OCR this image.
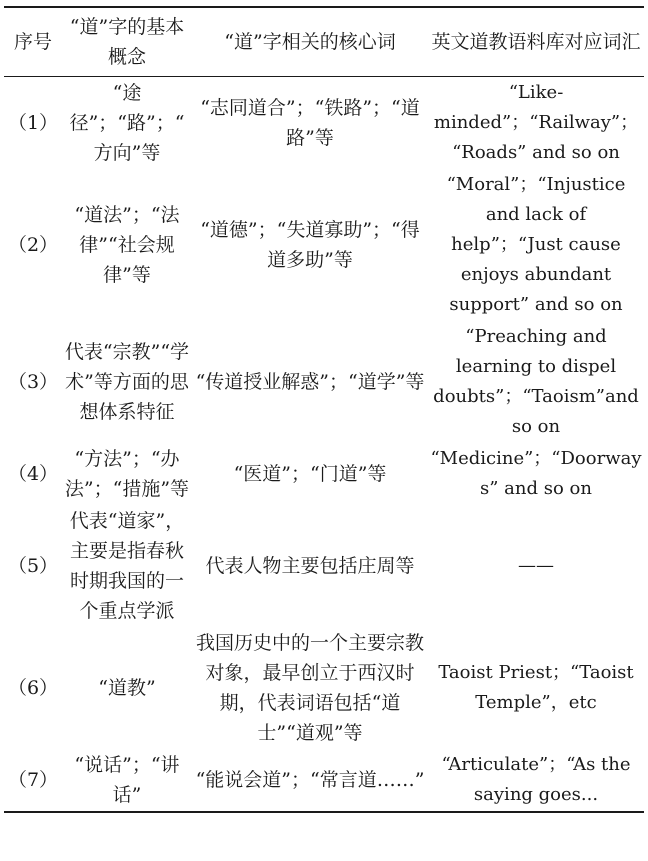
序号	“道”字的基本概念	“道”字相关的核心词	英文道教语料库对应词汇
（1）	“途径”；“路”；“方向”等	“志同道合”；“铁路”；“道路”等	“Like-minded”；“Railway”；“Roads” and so on
（2）	“道法”；“法律”“社会规律”等	“道德”；“失道寡助”；“得道多助”等	“Moral”；“Injustice and lack of help”；“Just cause enjoys abundant support” and so on
（3）	代表“宗教”“学术”等方面的思想体系特征	“传道授业解惑”；“道学”等	“Preaching and learning to dispel doubts”；“Taoism”and so on
（4）	“方法”；“办法”；“措施”等	“医道”；“门道”等	“Medicine”；“Doorways” and so on
（5）	代表“道家”，主要是指春秋时期我国的一个重点学派	代表人物主要包括庄周等	——
（6）	“道教”	我国历史中的一个主要宗教对象，最早创立于西汉时期，代表词语包括“道士”“道观”等	Taoist Priest；“Taoist Temple”，etc
（7）	“说话”；“讲话”	“能说会道”；“常言道……”	“Articulate”；“As the saying goes...
